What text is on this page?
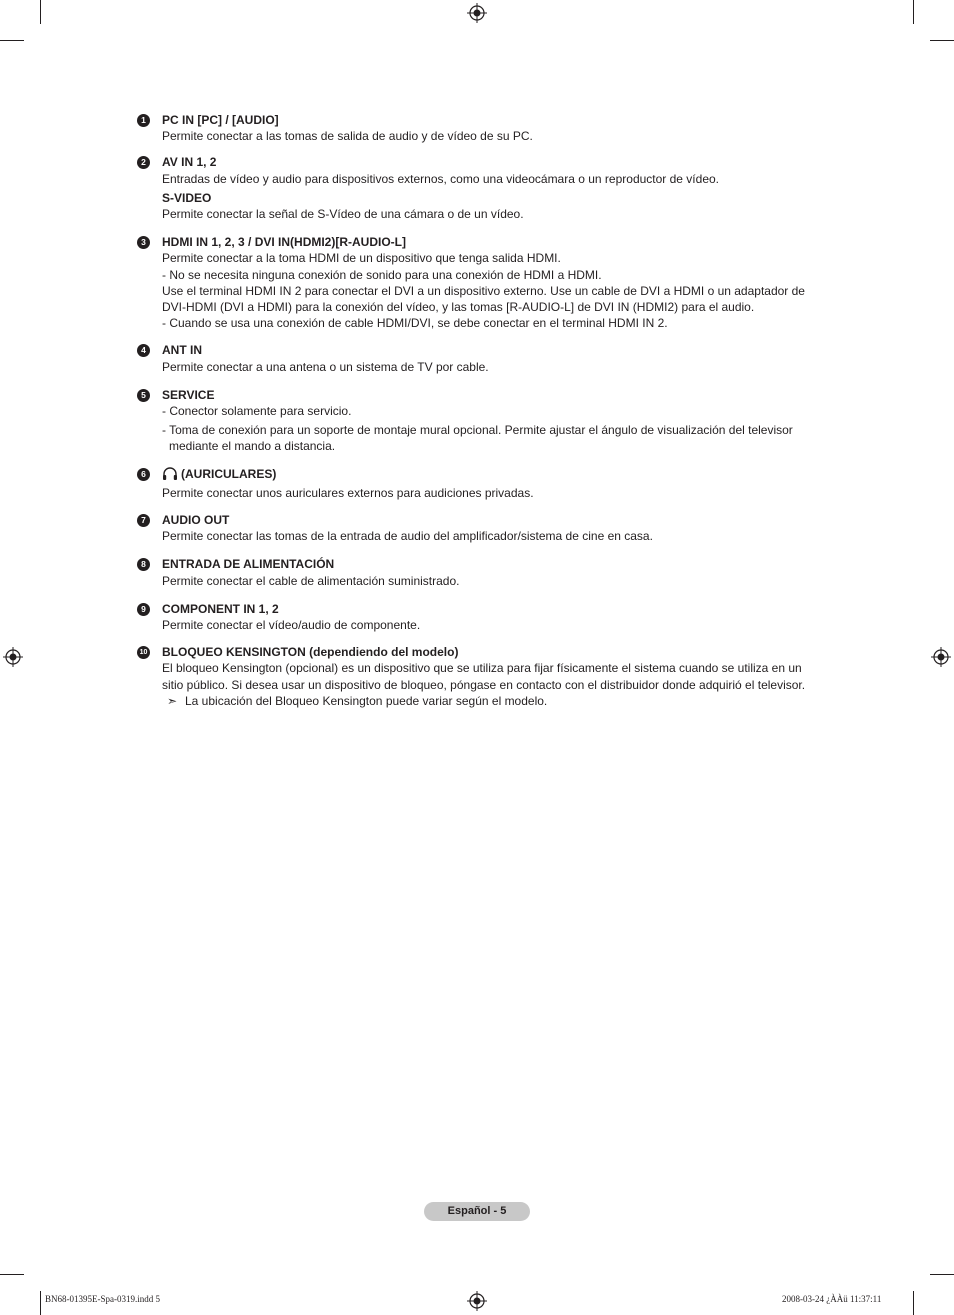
1	PC IN [PC] / [AUDIO]
Permite conectar a las tomas de salida de audio y de vídeo de su PC.
2	AV IN 1, 2
Entradas de vídeo y audio para dispositivos externos, como una videocámara o un reproductor de vídeo.
S-VIDEO
Permite conectar la señal de S-Vídeo de una cámara o de un vídeo.
3	HDMI IN 1, 2, 3 / DVI IN(HDMI2)[R-AUDIO-L]
Permite conectar a la toma HDMI de un dispositivo que tenga salida HDMI.
- No se necesita ninguna conexión de sonido para una conexión de HDMI a HDMI.
Use el terminal HDMI IN 2 para conectar el DVI a un dispositivo externo. Use un cable de DVI a HDMI o un adaptador de
DVI-HDMI (DVI a HDMI) para la conexión del vídeo, y las tomas [R-AUDIO-L] de DVI IN (HDMI2) para el audio.
- Cuando se usa una conexión de cable HDMI/DVI, se debe conectar en el terminal HDMI IN 2.
4	ANT IN
Permite conectar a una antena o un sistema de TV por cable.
5	SERVICE
- Conector solamente para servicio.
- Toma de conexión para un soporte de montaje mural opcional. Permite ajustar el ángulo de visualización del televisor
mediante el mando a distancia.
6	(AURICULARES)
Permite conectar unos auriculares externos para audiciones privadas.
7	AUDIO OUT
Permite conectar las tomas de la entrada de audio del amplificador/sistema de cine en casa.
8	ENTRADA DE ALIMENTACIÓN
Permite conectar el cable de alimentación suministrado.
9	COMPONENT IN 1, 2
Permite conectar el vídeo/audio de componente.
10 BLOQUEO KENSINGTON (dependiendo del modelo)
El bloqueo Kensington (opcional) es un dispositivo que se utiliza para fijar físicamente el sistema cuando se utiliza en un
sitio público. Si desea usar un dispositivo de bloqueo, póngase en contacto con el distribuidor donde adquirió el televisor.
➣ La ubicación del Bloqueo Kensington puede variar según el modelo.
Español - 5
BN68-01395E-Spa-0319.indd 5	2008-03-24 ¿ÀÀü 11:37:11
